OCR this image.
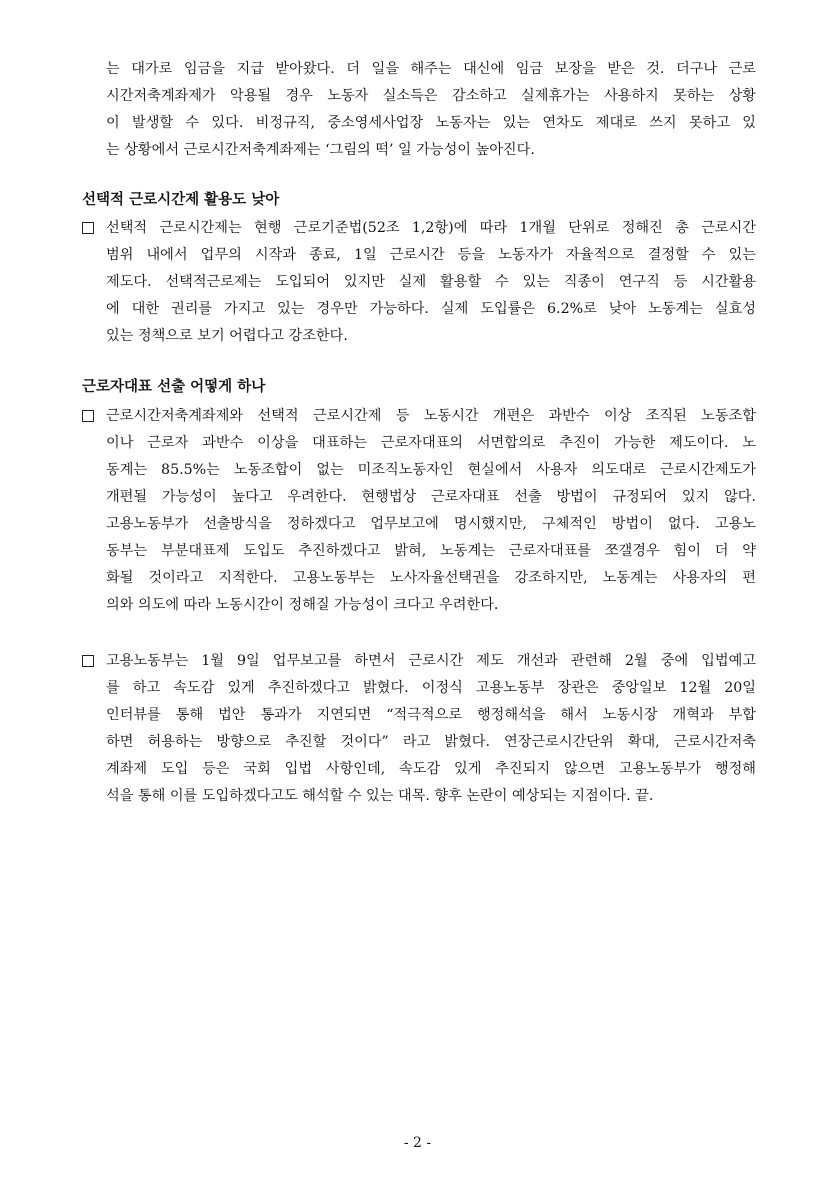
는 대가로 임금을 지급 받아왔다. 더 일을 해주는 대신에 임금 보장을 받은 것. 더구나 근로
시간저축계좌제가 악용될 경우 노동자 실소득은 감소하고 실제휴가는 사용하지 못하는 상황
이 발생할 수 있다. 비정규직, 중소영세사업장 노동자는 있는 연차도 제대로 쓰지 못하고 있
는 상황에서 근로시간저축계좌제는 ‘그림의 떡’ 일 가능성이 높아진다.
선택적 근로시간제 활용도 낮아
선택적 근로시간제는 현행 근로기준법(52조 1,2항)에 따라 1개월 단위로 정해진 총 근로시간
범위 내에서 업무의 시작과 종료, 1일 근로시간 등을 노동자가 자율적으로 결정할 수 있는
제도다. 선택적근로제는 도입되어 있지만 실제 활용할 수 있는 직종이 연구직 등 시간활용
에 대한 권리를 가지고 있는 경우만 가능하다. 실제 도입률은 6.2%로 낮아 노동계는 실효성
있는 정책으로 보기 어렵다고 강조한다.
근로자대표 선출 어떻게 하나
근로시간저축계좌제와 선택적 근로시간제 등 노동시간 개편은 과반수 이상 조직된 노동조합
이나 근로자 과반수 이상을 대표하는 근로자대표의 서면합의로 추진이 가능한 제도이다. 노
동계는 85.5%는 노동조합이 없는 미조직노동자인 현실에서 사용자 의도대로 근로시간제도가
개편될 가능성이 높다고 우려한다. 현행법상 근로자대표 선출 방법이 규정되어 있지 않다.
고용노동부가 선출방식을 정하겠다고 업무보고에 명시했지만, 구체적인 방법이 없다. 고용노
동부는 부분대표제 도입도 추진하겠다고 밝혀, 노동계는 근로자대표를 쪼갤경우 힘이 더 약
화될 것이라고 지적한다. 고용노동부는 노사자율선택권을 강조하지만, 노동계는 사용자의 편
의와 의도에 따라 노동시간이 정해질 가능성이 크다고 우려한다.
고용노동부는 1월 9일 업무보고를 하면서 근로시간 제도 개선과 관련해 2월 중에 입법예고
를 하고 속도감 있게 추진하겠다고 밝혔다. 이정식 고용노동부 장관은 중앙일보 12월 20일
인터뷰를 통해 법안 통과가 지연되면 “적극적으로 행정해석을 해서 노동시장 개혁과 부합
하면 허용하는 방향으로 추진할 것이다” 라고 밝혔다. 연장근로시간단위 확대, 근로시간저축
계좌제 도입 등은 국회 입법 사항인데, 속도감 있게 추진되지 않으면 고용노동부가 행정해
석을 통해 이를 도입하겠다고도 해석할 수 있는 대목. 향후 논란이 예상되는 지점이다. 끝.
- 2 -
